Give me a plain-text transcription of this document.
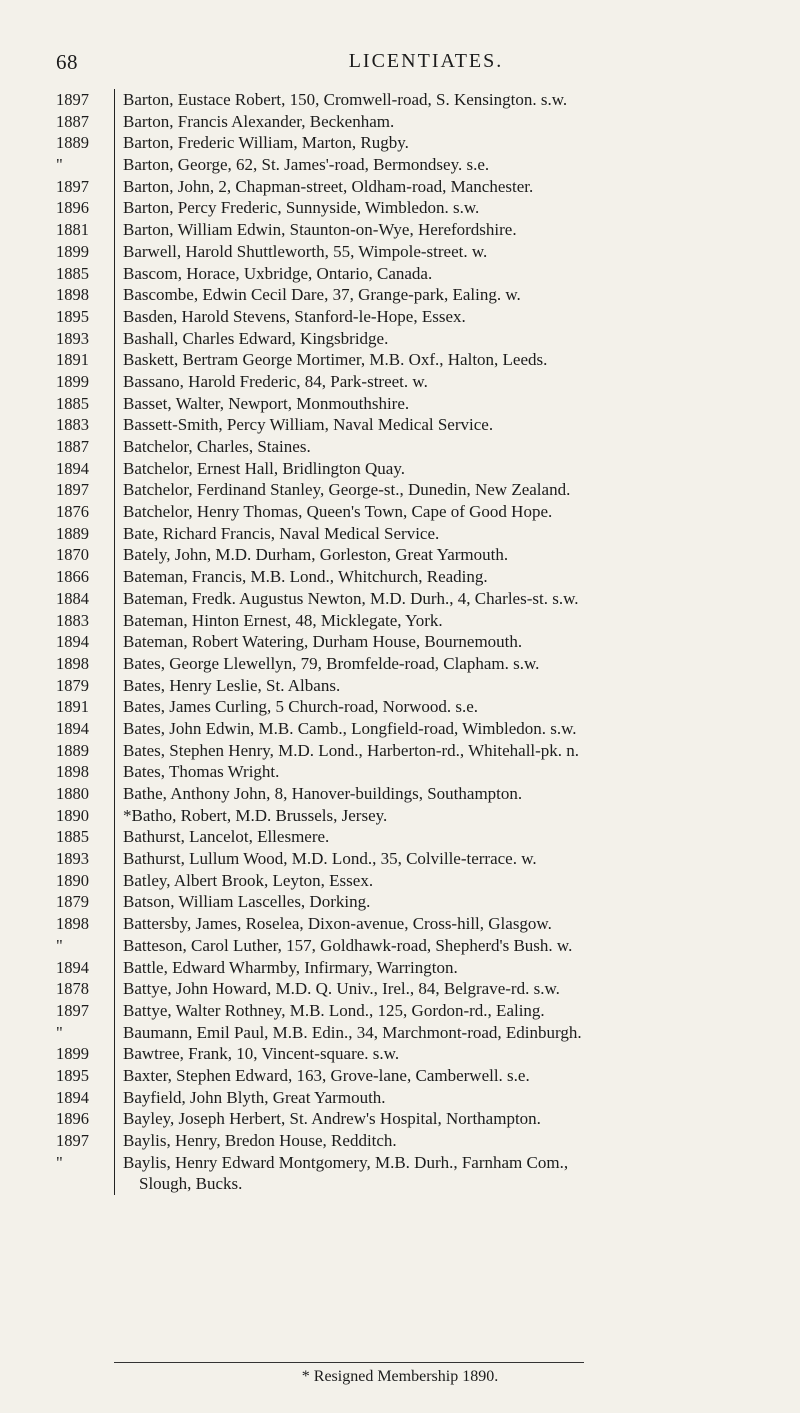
68	LICENTIATES.
1897	Barton, Eustace Robert, 150, Cromwell-road, S. Kensington. s.w.
1887	Barton, Francis Alexander, Beckenham.
1889	Barton, Frederic William, Marton, Rugby.
"	Barton, George, 62, St. James'-road, Bermondsey. s.e.
1897	Barton, John, 2, Chapman-street, Oldham-road, Manchester.
1896	Barton, Percy Frederic, Sunnyside, Wimbledon. s.w.
1881	Barton, William Edwin, Staunton-on-Wye, Herefordshire.
1899	Barwell, Harold Shuttleworth, 55, Wimpole-street. w.
1885	Bascom, Horace, Uxbridge, Ontario, Canada.
1898	Bascombe, Edwin Cecil Dare, 37, Grange-park, Ealing. w.
1895	Basden, Harold Stevens, Stanford-le-Hope, Essex.
1893	Bashall, Charles Edward, Kingsbridge.
1891	Baskett, Bertram George Mortimer, M.B. Oxf., Halton, Leeds.
1899	Bassano, Harold Frederic, 84, Park-street. w.
1885	Basset, Walter, Newport, Monmouthshire.
1883	Bassett-Smith, Percy William, Naval Medical Service.
1887	Batchelor, Charles, Staines.
1894	Batchelor, Ernest Hall, Bridlington Quay.
1897	Batchelor, Ferdinand Stanley, George-st., Dunedin, New Zealand.
1876	Batchelor, Henry Thomas, Queen's Town, Cape of Good Hope.
1889	Bate, Richard Francis, Naval Medical Service.
1870	Bately, John, M.D. Durham, Gorleston, Great Yarmouth.
1866	Bateman, Francis, M.B. Lond., Whitchurch, Reading.
1884	Bateman, Fredk. Augustus Newton, M.D. Durh., 4, Charles-st. s.w.
1883	Bateman, Hinton Ernest, 48, Micklegate, York.
1894	Bateman, Robert Watering, Durham House, Bournemouth.
1898	Bates, George Llewellyn, 79, Bromfelde-road, Clapham. s.w.
1879	Bates, Henry Leslie, St. Albans.
1891	Bates, James Curling, 5 Church-road, Norwood. s.e.
1894	Bates, John Edwin, M.B. Camb., Longfield-road, Wimbledon. s.w.
1889	Bates, Stephen Henry, M.D. Lond., Harberton-rd., Whitehall-pk. n.
1898	Bates, Thomas Wright.
1880	Bathe, Anthony John, 8, Hanover-buildings, Southampton.
1890	*Batho, Robert, M.D. Brussels, Jersey.
1885	Bathurst, Lancelot, Ellesmere.
1893	Bathurst, Lullum Wood, M.D. Lond., 35, Colville-terrace. w.
1890	Batley, Albert Brook, Leyton, Essex.
1879	Batson, William Lascelles, Dorking.
1898	Battersby, James, Roselea, Dixon-avenue, Cross-hill, Glasgow.
"	Batteson, Carol Luther, 157, Goldhawk-road, Shepherd's Bush. w.
1894	Battle, Edward Wharmby, Infirmary, Warrington.
1878	Battye, John Howard, M.D. Q. Univ., Irel., 84, Belgrave-rd. s.w.
1897	Battye, Walter Rothney, M.B. Lond., 125, Gordon-rd., Ealing.
"	Baumann, Emil Paul, M.B. Edin., 34, Marchmont-road, Edinburgh.
1899	Bawtree, Frank, 10, Vincent-square. s.w.
1895	Baxter, Stephen Edward, 163, Grove-lane, Camberwell. s.e.
1894	Bayfield, John Blyth, Great Yarmouth.
1896	Bayley, Joseph Herbert, St. Andrew's Hospital, Northampton.
1897	Baylis, Henry, Bredon House, Redditch.
"	Baylis, Henry Edward Montgomery, M.B. Durh., Farnham Com.,
Slough, Bucks.
* Resigned Membership 1890.
